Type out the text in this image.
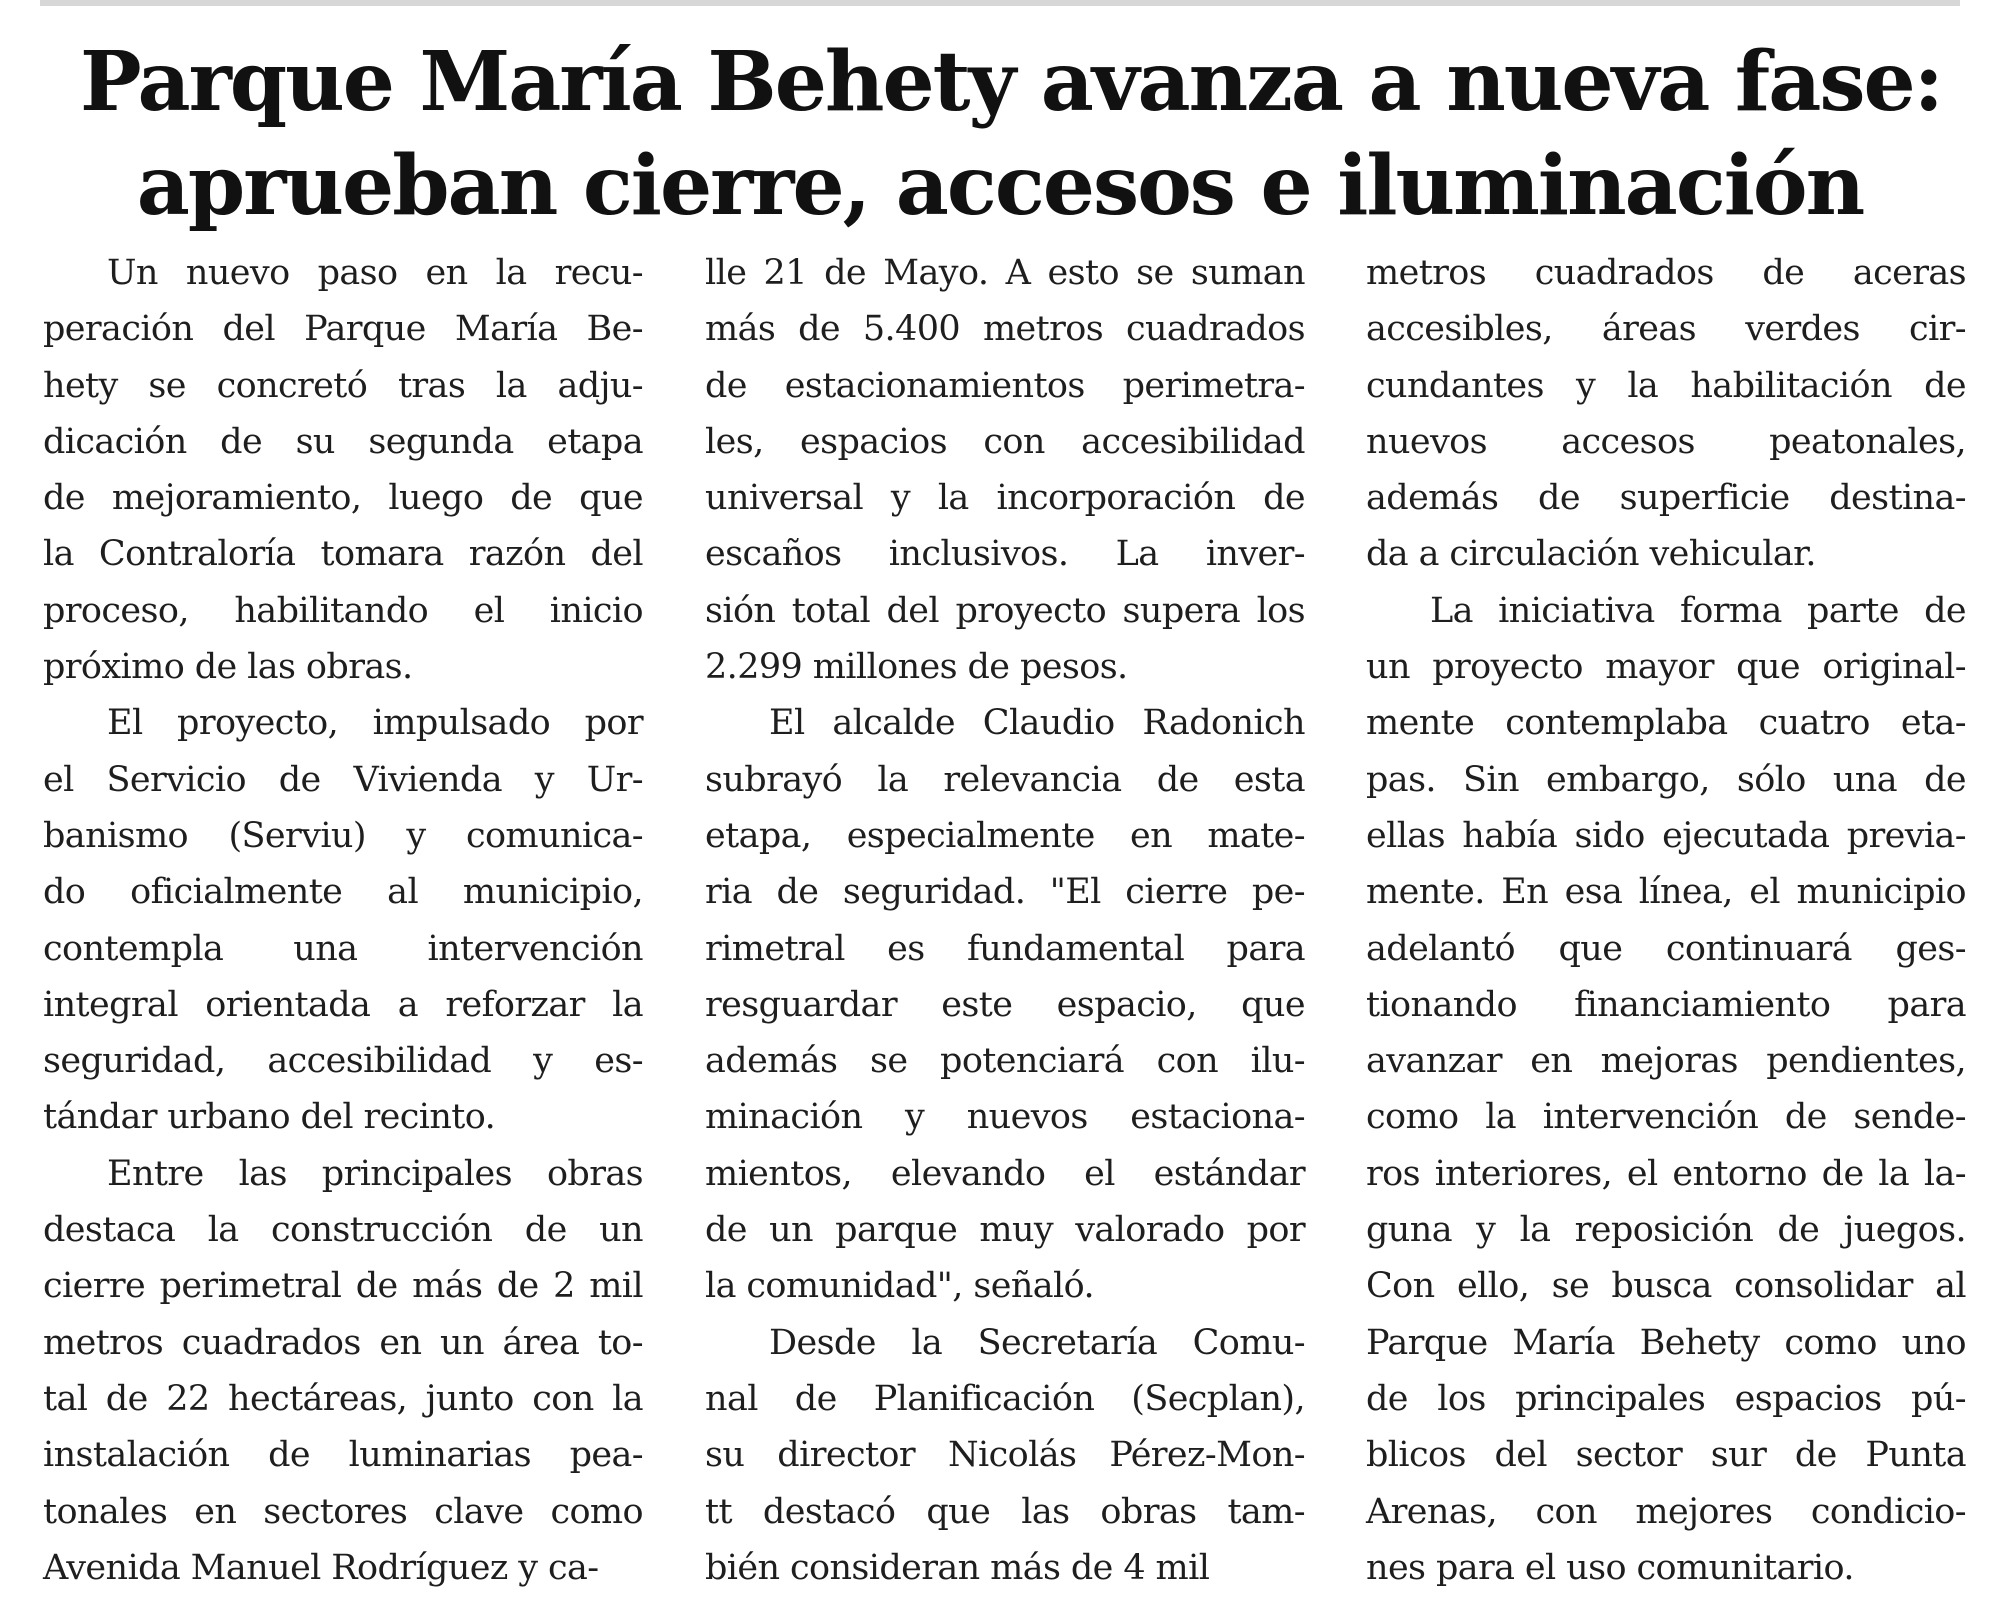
Parque María Behety avanza a nueva fase:
aprueban cierre, accesos e iluminación
Un nuevo paso en la recu-
peración del Parque María Be-
hety se concretó tras la adju-
dicación de su segunda etapa
de mejoramiento, luego de que
la Contraloría tomara razón del
proceso, habilitando el inicio
próximo de las obras.
El proyecto, impulsado por
el Servicio de Vivienda y Ur-
banismo (Serviu) y comunica-
do oficialmente al municipio,
contempla una intervención
integral orientada a reforzar la
seguridad, accesibilidad y es-
tándar urbano del recinto.
Entre las principales obras
destaca la construcción de un
cierre perimetral de más de 2 mil
metros cuadrados en un área to-
tal de 22 hectáreas, junto con la
instalación de luminarias pea-
tonales en sectores clave como
Avenida Manuel Rodríguez y ca-
lle 21 de Mayo. A esto se suman
más de 5.400 metros cuadrados
de estacionamientos perimetra-
les, espacios con accesibilidad
universal y la incorporación de
escaños inclusivos. La inver-
sión total del proyecto supera los
2.299 millones de pesos.
El alcalde Claudio Radonich
subrayó la relevancia de esta
etapa, especialmente en mate-
ria de seguridad. "El cierre pe-
rimetral es fundamental para
resguardar este espacio, que
además se potenciará con ilu-
minación y nuevos estaciona-
mientos, elevando el estándar
de un parque muy valorado por
la comunidad", señaló.
Desde la Secretaría Comu-
nal de Planificación (Secplan),
su director Nicolás Pérez-Mon-
tt destacó que las obras tam-
bién consideran más de 4 mil
metros cuadrados de aceras
accesibles, áreas verdes cir-
cundantes y la habilitación de
nuevos accesos peatonales,
además de superficie destina-
da a circulación vehicular.
La iniciativa forma parte de
un proyecto mayor que original-
mente contemplaba cuatro eta-
pas. Sin embargo, sólo una de
ellas había sido ejecutada previa-
mente. En esa línea, el municipio
adelantó que continuará ges-
tionando financiamiento para
avanzar en mejoras pendientes,
como la intervención de sende-
ros interiores, el entorno de la la-
guna y la reposición de juegos.
Con ello, se busca consolidar al
Parque María Behety como uno
de los principales espacios pú-
blicos del sector sur de Punta
Arenas, con mejores condicio-
nes para el uso comunitario.
